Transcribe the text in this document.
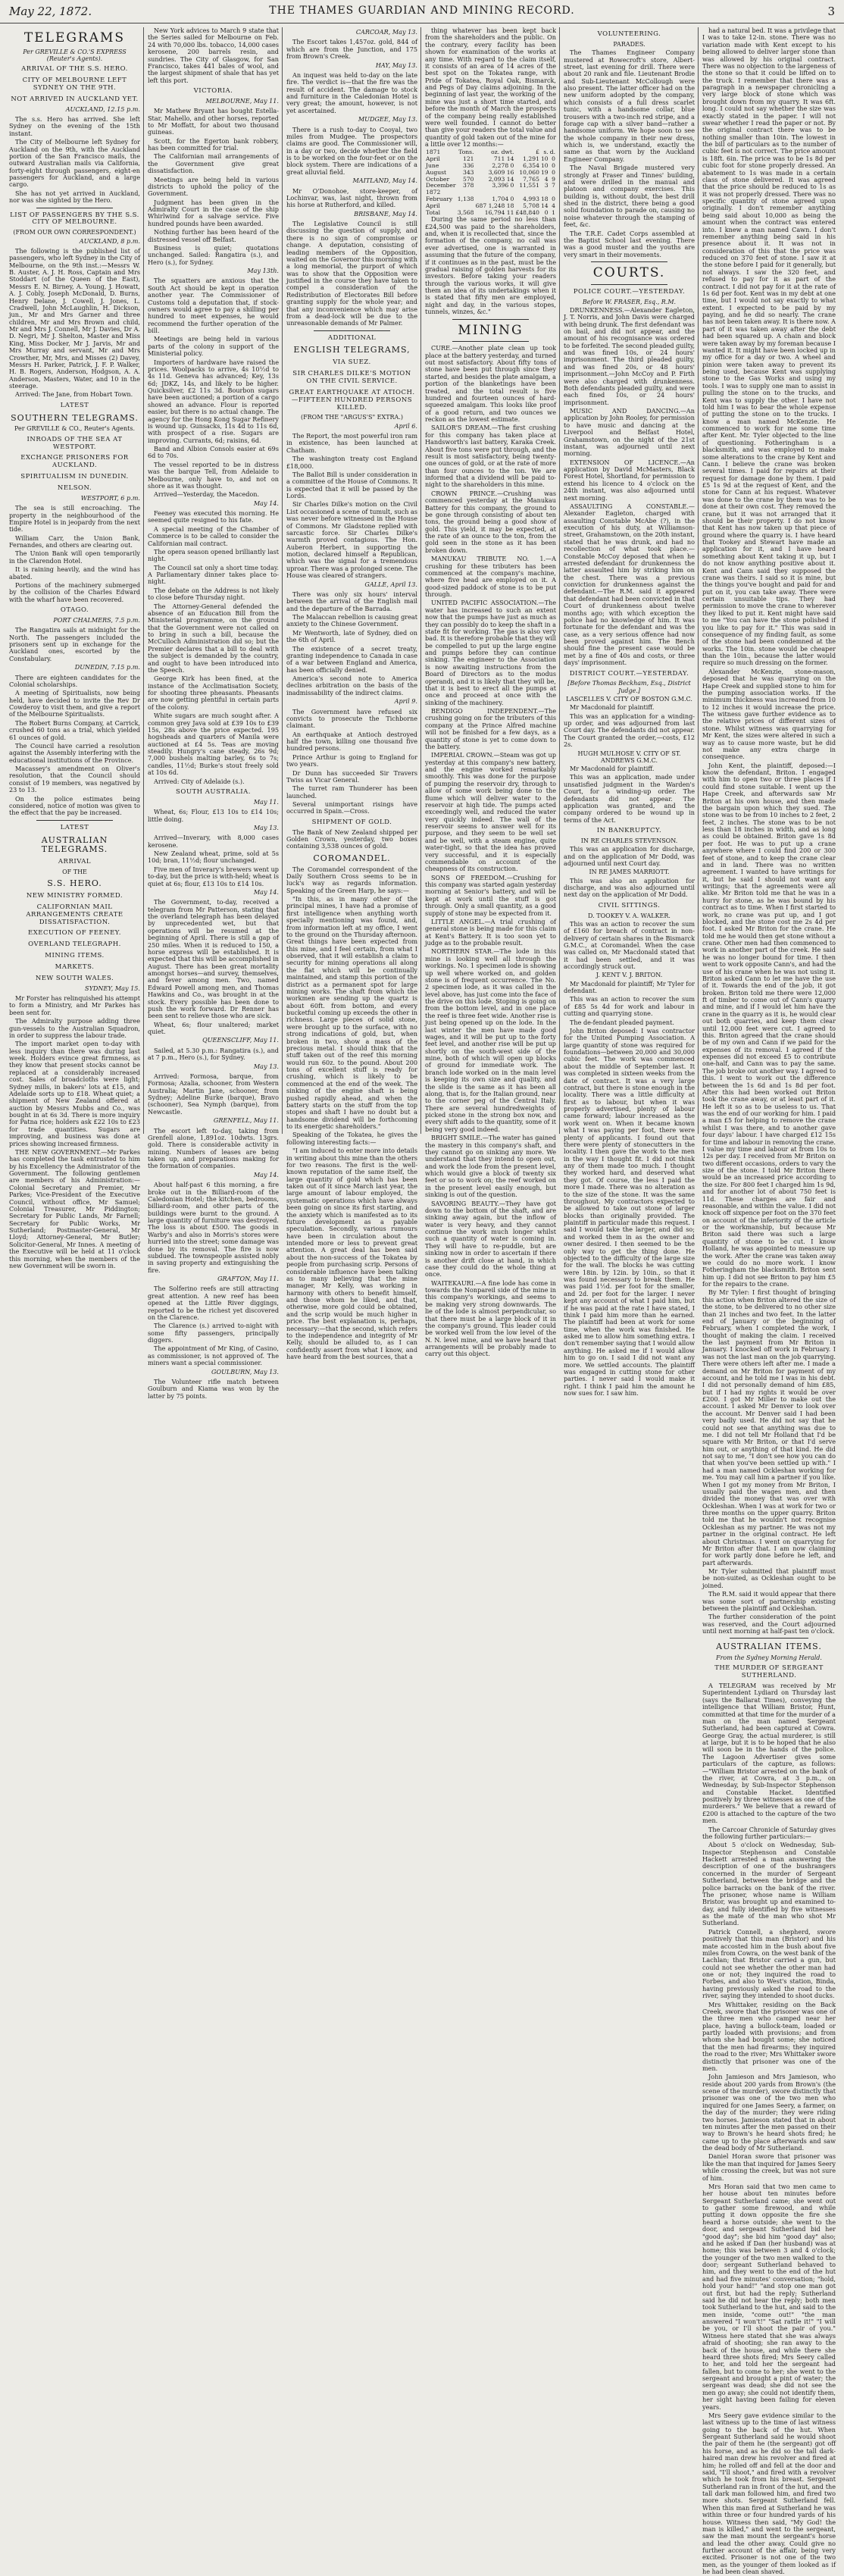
May 22, 1872.	THE THAMES GUARDIAN AND MINING RECORD.	3
TELEGRAMS
Per GREVILLE & CO.'S EXPRESS (Reuter's Agents).
ARRIVAL OF THE S.S. HERO.
CITY OF MELBOURNE LEFT SYDNEY ON THE 9TH.
NOT ARRIVED IN AUCKLAND YET.
AUCKLAND, 12.15 p.m.

The s.s. Hero has arrived. She left Sydney on the evening of the 15th instant.

The City of Melbourne left Sydney for Auckland on the 9th, with the Auckland portion of the San Francisco mails, the outward Australian mails via California, forty-eight through passengers, eight-en passengers for Auckland, and a large cargo.

She has not yet arrived in Auckland, nor was she sighted by the Hero.

LIST OF PASSENGERS BY THE S.S. CITY OF MELBOURNE.
(FROM OUR OWN CORRESPONDENT.)
AUCKLAND, 8 p.m.

The following is the published list of passengers, who left Sydney in the City of Melbourne, on the 9th inst.:—Messrs W. B. Auster, A. J. H. Ross, Captain and Mrs Stoddart (of the Queen of the East), Messrs E. N. Birney, A. Young, J. Howatt, A. J. Cobly, Joseph McDonald, D. Burns, Henry Delane, J. Cowell, J. Jones, L. Cradwell, John McLaughlin, H. Dickson, jun., Mr and Mrs Garner and three children, Mr and Mrs Brown and child, Mr and Mrs J. Connell, Mr J. Davies, Dr A. D. Negri, Mr J. Shelton, Master and Miss King, Miss Docker, Mr J. Jarvis, Mr and Mrs Murray and servant, Mr and Mrs Crowther, Mr, Mrs, and Misses (2) Davey, Messrs H. Parker, Patrick, J. F. P. Walker, H. B. Rogers, Anderson, Hodgson, A. A. Anderson, Masters, Water, and 10 in the steerage.

Arrived: The Jane, from Hobart Town.

LATEST
SOUTHERN TELEGRAMS.
Per GREVILLE & CO., Reuter's Agents.
INROADS OF THE SEA AT WESTPORT.
EXCHANGE PRISONERS FOR AUCKLAND.
SPIRITUALISM IN DUNEDIN.
NELSON.
WESTPORT, 6 p.m.

The sea is still encroaching. The property in the neighbourhood of the Empire Hotel is in jeopardy from the next tide.

William Carr, the Union Bank, Fernandes, and others are clearing out.

The Union Bank will open temporarily in the Clarendon Hotel.

It is raining heavily, and the wind has abated.

Portions of the machinery submerged by the collision of the Charles Edward with the wharf have been recovered.

OTAGO.
PORT CHALMERS, 7.5 p.m.

The Rangatira sails at midnight for the North. The passengers included the prisoners sent up in exchange for the Auckland ones, escorted by the Constabulary.

DUNEDIN, 7.15 p.m.

There are eighteen candidates for the Colonial scholarships.

A meeting of Spiritualists, now being held, have decided to invite the Rev Dr Cowderoy to visit them, and give a report of the Melbourne Spiritualists.

The Robert Burns Company, at Carrick, crushed 60 tons as a trial, which yielded 61 ounces of gold.

The Council have carried a resolution against the Assembly interfering with the educational institutions of the Province.

Macassey's amendment on Oliver's resolution, that the Council should consist of 19 members, was negatived by 23 to 13.

On the police estimates being considered, notice of motion was given to the effect that the pay be increased.

LATEST
AUSTRALIAN TELEGRAMS.
ARRIVAL
OF THE
S.S. HERO.
NEW MINISTRY FORMED.
CALIFORNIAN MAIL ARRANGEMENTS CREATE DISSATISFACTION.
EXECUTION OF FEENEY.
OVERLAND TELEGRAPH.
MINING ITEMS.
MARKETS.
NEW SOUTH WALES.
SYDNEY, May 15.

Mr Forster has relinquished his attempt to form a Ministry, and Mr Parkes has been sent for.

The Admiralty purpose adding three gun-vessels to the Australian Squadron, in order to suppress the labour trade.

The import market open to-day with less inquiry than there was during last week. Holders evince great firmness, as they know that present stocks cannot be replaced at a considerably increased cost. Sales of broadcloths were light; Sydney mills, in bakers' lots at £15, and Adelaide sorts up to £18. Wheat quiet; a shipment of New Zealand offered at auction by Messrs Mubbs and Co., was bought in at 6s 3d. There is more inquiry for Patna rice; holders ask £22 10s to £23 for trade quantities. Sugars are improving, and business was done at prices showing increased firmness.

THE NEW GOVERNMENT.—Mr Parkes has completed the task entrusted to him by his Excellency the Administrator of the Government. The following gentlemen are members of his Administration:—Colonial Secretary and Premier, Mr Parkes; Vice-President of the Executive Council, without office, Mr Samuel; Colonial Treasurer, Mr Piddington; Secretary for Public Lands, Mr Farnell; Secretary for Public Works, Mr Sutherland; Postmaster-General, Mr Lloyd; Attorney-General, Mr Butler; Solicitor-General, Mr Innes. A meeting of the Executive will be held at 11 o'clock this morning, when the members of the new Government will be sworn in.

New York advices to March 9 state that the Series sailed for Melbourne on Feb. 24 with 70,000 lbs. tobacco, 14,000 cases kerosene, 200 barrels resin, and sundries. The City of Glasgow, for San Francisco, takes 441 bales of wool, and the largest shipment of shale that has yet left this port.

VICTORIA.
MELBOURNE, May 11.

Mr Mathew Bryant has bought Estella-Star, Mahello, and other horses, reported to Mr Moffatt, for about two thousand guineas.

Scott, for the Egerton bank robbery, has been committed for trial.

The Californian mail arrangements of the Government give great dissatisfaction.

Meetings are being held in various districts to uphold the policy of the Government.

Judgment has been given in the Admiralty Court in the case of the ship Whirlwind for a salvage service. Five hundred pounds have been awarded.

Nothing further has been heard of the distressed vessel off Belfast.

Business is quiet; quotations unchanged. Sailed: Rangatira (s.), and Hero (s.), for Sydney.

May 13th.

The squatters are anxious that the South Act should be kept in operation another year. The Commissioner of Customs told a deputation that, if stock-owners would agree to pay a shilling per hundred to meet expenses, he would recommend the further operation of the bill.

Meetings are being held in various parts of the colony in support of the Ministerial policy.

Importers of hardware have raised the prices. Woolpacks to arrive, 4s 10½d to 4s 11d. Geneva has advanced; Key, 13s 6d; JDKZ, 14s, and likely to be higher. Quicksilver, £2 11s 3d. Bourbon sugars have been auctioned; a portion of a cargo showed an advance. Flour is reported easier, but there is no actual change. The agency for the Hong Kong Sugar Refinery is wound up. Gunsacks, 11s 4d to 11s 6d, with prospect of a rise. Sugars are improving. Currants, 6d; raisins, 6d.

Band and Albion Consols easier at 69s 6d to 70s.

The vessel reported to be in distress was the barque Tell, from Adelaide to Melbourne, only have to, and not on shore as it was thought.

Arrived—Yesterday, the Macedon.

May 14.

Feeney was executed this morning. He seemed quite resigned to his fate.

A special meeting of the Chamber of Commerce is to be called to consider the Californian mail contract.

The opera season opened brilliantly last night.

The Council sat only a short time today. A Parliamentary dinner takes place to-night.

The debate on the Address is not likely to close before Thursday night.

The Attorney-General defended the absence of an Education Bill from the Ministerial programme, on the ground that the Government were not called on to bring in such a bill, because the McCulloch Administration did so; but the Premier declares that a bill to deal with the subject is demanded by the country, and ought to have been introduced into the Speech.

George Kirk has been fined, at the instance of the Acclimatisation Society, for shooting three pheasants. Pheasants are now getting plentiful in certain parts of the colony.

White sugars are much sought after. A common grey Java sold at £39 10s to £39 15s, 28s above the price expected. 195 hogsheads and quarters of Manila were auctioned at £4 5s. Teas are moving steadily. Hungry's cane steady, 26s 9d; 7,000 bushels malting barley, 6s to 7s; candles, 11½d; Burke's stout freely sold at 10s 6d.

Arrived: City of Adelaide (s.).

SOUTH AUSTRALIA.
May 11.

Wheat, 6s; Flour, £13 10s to £14 10s; little doing.

May 13.

Arrived—Inverary, with 8,000 cases kerosene.

New Zealand wheat, prime, sold at 5s 10d; bran, 11½d; flour unchanged.

Five men of Inverary's brewers went up to-day, but the price is with-held; wheat is quiet at 6s; flour, £13 10s to £14 10s.

May 14.

The Government, to-day, received a telegram from Mr Patterson, stating that the overland telegraph has been delayed by unprecedented wet, but that operations will be resumed at the beginning of April. There is still a gap of 250 miles. When it is reduced to 150, a horse express will be established. It is expected that this will be accomplished in August. There has been great mortality amongst horses—and survey, themselves, and fever among men. Two, named Edward Powell among men, and Thomas Hawkins and Co., was brought in at the stock. Every possible has been done to push the work forward. Dr Renner has been sent to relieve those who are sick.

Wheat, 6s; flour unaltered; market quiet.

QUEENSCLIFF, May 11.

Sailed, at 5.30 p.m.: Rangatira (s.), and at 7 p.m., Hero (s.), for Sydney.

May 13.

Arrived: Formosa, barque, from Formosa; Azalia, schooner, from Western Australia; Martin Jane, schooner, from Sydney; Adeline Burke (barque), Bravo (schooner), Sea Nymph (barque), from Newcastle.

GRENFELL, May 11.

The escort left to-day, taking from Grenfell alone, 1,891oz. 10dwts. 13grs. gold. There is considerable activity in mining. Numbers of leases are being taken up, and preparations making for the formation of companies.

May 14.

About half-past 6 this morning, a fire broke out in the Billiard-room of the Caledonian Hotel; the kitchen, bedrooms, billiard-room, and other parts of the buildings were burnt to the ground. A large quantity of furniture was destroyed. The loss is about £500. The goods in Warby's and also in Morris's stores were hurried into the street; some damage was done by its removal. The fire is now subdued. The townspeople assisted nobly in saving property and extinguishing the fire.

GRAFTON, May 11.

The Solferino reefs are still attracting great attention. A new reef has been opened at the Little River diggings, reported to be the richest yet discovered on the Clarence.

The Clarence (s.) arrived to-night with some fifty passengers, principally diggers.

The appointment of Mr King, of Casino, as commissioner, is not approved of. The miners want a special commissioner.

GOULBURN, May 13.

The Volunteer rifle match between Goulburn and Kiama was won by the latter by 75 points.

CARCOAR, May 13.

The Escort takes 1,457oz. gold, 844 of which are from the Junction, and 175 from Brown's Creek.

HAY, May 13.

An inquest was held to-day on the late fire. The verdict is—that the fire was the result of accident. The damage to stock and furniture in the Caledonian Hotel is very great; the amount, however, is not yet ascertained.

MUDGEE, May 13.

There is a rush to-day to Cooyal, two miles from Mudgee. The prospectors claims are good. The Commissioner will, in a day or two, decide whether the field is to be worked on the four-feet or on the block system. There are indications of a great alluvial field.

MAITLAND, May 14.

Mr O'Donohoe, store-keeper, of Lochinvar, was, last night, thrown from his horse at Rutherford, and killed.

BRISBANE, May 14.

The Legislative Council is still discussing the question of supply, and there is no sign of compromise or change. A deputation, consisting of leading members of the Opposition, waited on the Governor this morning with a long memorial, the purport of which was to show that the Opposition were justified in the course they have taken to compel a consideration of the Redistribution of Electorates Bill before granting supply for the whole year; and that any inconvenience which may arise from a dead-lock will be due to the unreasonable demands of Mr Palmer.

ADDITIONAL
ENGLISH TELEGRAMS,
VIA SUEZ.
SIR CHARLES DILKE'S MOTION ON THE CIVIL SERVICE.
GREAT EARTHQUAKE AT ATIOCH. —FIFTEEN HUNDRED PERSONS KILLED.
(FROM THE "ARGUS'S" EXTRA.)
April 6.

The Report, the most powerful iron ram in existence, has been launched at Chatham.

The washington treaty cost England £18,000.

The Ballot Bill is under consideration in a committee of the House of Commons. It is expected that it will be passed by the Lords.

Sir Charles Dilke's motion on the Civil List occasioned a scene of tumult, such as was never before witnessed in the House of Commons. Mr Gladstone replied with sarcastic force. Sir Charles Dilke's warmth proved contagious. The Hon. Auberon Herbert, in supporting the motion, declared himself a Republican, which was the signal for a tremendous uproar. There was a prolonged scene. The House was cleared of strangers.

GALLE, April 13.

There was only six hours' interval between the arrival of the English mail and the departure of the Barrada.

The Malaccan rebellion is causing great anxiety to the Chinese Government.

Mr Wentworth, late of Sydney, died on the 6th of April.

The existence of a secret treaty, granting independence to Canada in case of a war between England and America, has been officially denied.

America's second note to America declines arbitration on the basis of the inadmissability of the indirect claims.

April 9.

The Government have refused six convicts to prosecute the Tichborne claimant.

An earthquake at Antioch destroyed half the town, killing one thousand five hundred persons.

Prince Arthur is going to England for two years.

Dr Dunn has succeeded Sir Travers Twiss as Vicar General.

The turret ram Thunderer has been launched.

Several unimportant risings have occurred in Spain.—Cross.

SHIPMENT OF GOLD.

The Bank of New Zealand shipped per Golden Crown, yesterday, two boxes containing 3,538 ounces of gold.

COROMANDEL.

The Coromandel correspondent of the Daily Southern Cross seems to be in luck's way as regards information. Speaking of the Green Harp, he says:—

"In this, as in many other of the principal mines, I have had a promise of first intelligence when anything worth specially mentioning was found, and, from information left at my office, I went to the ground on the Thursday afternoon. Great things have been expected from this mine, and I feel certain, from what I observed, that it will establish a claim to security for mining operations all along the flat which will be continually maintained, and stamp this portion of the district as a permanent spot for large mining works. The shaft from which the workmen are sending up the quartz is about 60ft. from bottom, and every bucketful coming up exceeds the other in richness. Large pieces of solid stone, were brought up to the surface, with no strong indications of gold, but, when broken in two, show a mass of the precious metal. I should think that the stuff taken out of the reef this morning would run 60z. to the pound. About 200 tons of excellent stuff is ready for crushing, which is likely to be commenced at the end of the week. The sinking of the engine shaft is being pushed rapidly ahead, and when the battery starts on the stuff from the top stopes and shaft I have no doubt but a handsome dividend will be forthcoming to its energetic shareholders."

Speaking of the Tokatea, he gives the following interesting facts:—

"I am induced to enter more into details in writing about this mine than the others for two reasons. The first is the well-known reputation of the same itself, the large quantity of gold which has been taken out of it since March last year, the large amount of labour employed, the systematic operations which have always been going on since its first starting, and the anxiety which is manifested as to its future development as a payable speculation. Secondly, various rumours have been in circulation about the intended more or less to prevent great attention. A great deal has been said about the non-success of the Tokatea by people from purchasing scrip. Persons of considerable influence have been talking as to many believing that the mine manager, Mr Kelly, was working in harmony with others to benefit himself, and those whom he liked, and that, otherwise, more gold could be obtained, and the scrip would be much higher in price. The best explanation is, perhaps, necessary:—that the second, which refers to the independence and integrity of Mr Kelly, should be alluded to, as I can confidently assert from what I know, and have heard from the best sources, that a

thing whatever has been kept back from the shareholders and the public. On the contrary, every facility has been shown for examination of the works at any time. With regard to the claim itself, it consists of an area of 14 acres of the best spot on the Tokatea range, with Pride of Tokatea, Royal Oak, Bismarck, and Pegs of Day claims adjoining. In the beginning of last year, the working of the mine was just a short time started, and before the month of March the prospects of the company being really established were well founded. I cannot do better than give your readers the total value and quantity of gold taken out of the mine for a little over 12 months:—

1871	Tons.	oz. dwt.	£	s.	d.
April	121	711 14	1,291	10	0
June	336	2,278 0	6,354	10	0
August	343	3,609 16	10,060	19	0
October	570	2,093 14	7,765	4	9
December	378	3,396 0	11,551	3	7
1872					
February	1,138	1,704 0	4,993	18	0
April		687 1,248 18	5,708	14	4
Total	3,568	16,794 11	£48,840	0	1

During the same period no less than £24,500 was paid to the shareholders, and, when it is recollected that, since the formation of the company, no call was ever advertised, one is warranted in assuming that the future of the company, if it continues as in the past, must be the gradual raising of golden harvests for its investors. Before taking your readers through the various works, it will give them an idea of its undertakings when it is stated that fifty men are employed, night and day, in the various stopes, tunnels, winzes, &c."

MINING

CURE.—Another plate clean up took place at the battery yesterday, and turned out most satisfactory. About fifty tons of stone have been put through since they started, and besides the plate amalgam, a portion of the blanketings have been treated, and the total result is five hundred and fourteen ounces of hard-squeezed amalgam. This looks like proof of a good return, and two ounces we reckon as the lowest estimate.

SAILOR'S DREAM.—The first crushing for this company has taken place at Handsworth's last battery, Karaka Creek. About five tons were put through, and the result is most satisfactory, being twenty-one ounces of gold, or at the rate of more than four ounces to the ton. We are informed that a dividend will be paid to-night to the shareholders in this mine.

CROWN PRINCE.—Crushing was commenced yesterday at the Manukau Battery for this company, the ground to be gone through consisting of about ten tons, the ground being a good show of gold. This yield, it may be expected, at the rate of an ounce to the ton, from the gold seen in the stone as it has been broken down.

MANUKAU TRIBUTE NO. 1.—A crushing for these tributers has been commenced at the company's machine, where five head are employed on it. A good-sized paddock of stone is to be put through.

UNITED PACIFIC ASSOCIATION.—The water has increased to such an extent now that the pumps have just as much as they can possibly do to keep the shaft in a state fit for working. The gas is also very bad. It is therefore probable that they will be compelled to put up the large engine and pumps before they can continue sinking. The engineer to the Association is now awaiting instructions from the Board of Directors as to the modus operandi, and it is likely that they will be, that it is best to erect all the pumps at once and proceed at once with the sinking of the machinery.

BENDIGO INDEPENDENT.—The crushing going on for the tributers of this company at the Prince Alfred machine will not be finished for a few days, as a quantity of stone is yet to come down to the battery.

IMPERIAL CROWN.—Steam was got up yesterday at this company's new battery, and the engine worked remarkably smoothly. This was done for the purpose of pumping the reservoir dry, through to allow of some work being done to the flume which will deliver water to the reservoir at high tide. The pumps acted exceedingly well, and reduced the water very quickly indeed. The wall of the reservoir seems to answer well for its purpose, and they seem to be well set and be well, with a steam engine, quite water-tight, so that the idea has proved very successful, and it is especially commendable on account of the cheapness of its construction.

SONS OF FREEDOM.—Crushing for this company was started again yesterday morning at Senior's battery, and will be kept at work until the stuff is got through. Only a small quantity, as a good supply of stone may be expected from it.

LITTLE ANGEL.—A trial crushing of general stone is being made for this claim at Kent's Battery. It is too soon yet to judge as to the probable result.

NORTHERN STAR.—The lode in this mine is looking well all through the workings. No. 1 specimen lode is showing up well where worked on, and golden stone is of frequent occurrence. The No. 2 specimen lode, as it was called in the level above, has just come into the face of the drive on this lode. Stoping is going on from the bottom level, and in one place the reef is three feet wide. Another rise is just being opened up on the lode. In the last winter the men have made good wages, and it will be put up to the forty feet level, and another rise will be put up shortly on the south-west side of the mine, both of which will open up blocks of ground for immediate work. The branch lode worked on in the main level is keeping its own size and quality, and the slide is the same as it has been all along, that is, for the Italian ground, near to the corner peg of the Central Italy. There are several hundredweights of picked stone in the strong box now, and every shift adds to the quantity, some of it being very good indeed.

BRIGHT SMILE.—The water has gained the mastery in this company's shaft, and they cannot go on sinking any more. We understand that they intend to open out, and work the lode from the present level, which would give a block of twenty six feet or so to work on; the reef worked on in the present level easily enough, but sinking is out of the question.

SAVORING BEAUTY.—They have got down to the bottom of the shaft, and are sinking away again, but the inflow of water is very heavy, and they cannot continue the work much longer whilst such a quantity of water is coming in. They will have to re-puddle, but are sinking now in order to ascertain if there is another drift close at hand, in which case they could do the whole thing at once.

WAITEKAURI.—A fine lode has come in towards the Nonpareil side of the mine in this company's workings, and seems to be making very strong downwards. The lie of the lode is almost perpendicular, so that there must be a large block of it in the company's ground. This leader could be worked well from the low level of the N. N. level mine, and we have heard that arrangements will be probably made to carry out this object.

VOLUNTEERING.
PARADES.

The Thames Engineer Company mustered at Rowecroft's store, Albert-street, last evening for drill. There were about 20 rank and file. Lieutenant Brodie and Sub-Lieutenant McCollough were also present. The latter officer had on the new uniform adopted by the company, which consists of a full dress scarlet tunic, with a handsome collar, blue trousers with a two-inch red stripe, and a forage cap with a silver band—rather a handsome uniform. We hope soon to see the whole company in their new dress, which is, we understand, exactly the same as that worn by the Auckland Engineer Company.

The Naval Brigade mustered very strongly at Fraser and Tinnes' building, and were drilled in the manual and platoon and company exercises. This building is, without doubt, the best drill shed in the district, there being a good solid foundation to parade on, causing no noise whatever through the stamping of feet, &c.

The T.R.E. Cadet Corps assembled at the Baptist School last evening. There was a good muster and the youths are very smart in their movements.

COURTS.
POLICE COURT.—YESTERDAY.
Before W. FRASER, Esq., R.M.

DRUNKENNESS.—Alexander Eagleton, J. T. Norris, and John Davis were charged with being drunk. The first defendant was on bail, and did not appear, and the amount of his recognisance was ordered to be forfeited. The second pleaded guilty, and was fined 10s, or 24 hours' imprisonment. The third pleaded guilty, and was fined 20s, or 48 hours' imprisonment.—John McCoy and P. Firth were also charged with drunkenness. Both defendants pleaded guilty, and were each fined 10s, or 24 hours' imprisonment.

MUSIC AND DANCING.—An application by John Rooley, for permission to have music and dancing at the Liverpool and Belfast Hotel, Grahamstown, on the night of the 21st instant, was adjourned until next morning.

EXTENSION OF LICENCE.—An application by David McMasters, Black Forest Hotel, Shortland, for permission to extend his licence to 4 o'clock on the 24th instant, was also adjourned until next morning.

ASSAULTING A CONSTABLE.—Alexander Eagleton, charged with assaulting Constable McAbe (?), in the execution of his duty, at Williamson-street, Grahamstown, on the 20th instant, stated that he was drunk, and had no recollection of what took place.—Constable McCoy deposed that when he arrested defendant for drunkenness the latter assaulted him by striking him on the chest. There was a previous conviction for drunkenness against the defendant.—The R.M. said it appeared that defendant had been convicted in that Court of drunkenness about twelve months ago; with which exception the police had no knowledge of him. It was fortunate for the defendant and was the case, as a very serious offence had now been proved against him. The Bench should fine the present case would be met by a fine of 40s and costs, or three days' imprisonment.

DISTRICT COURT.—YESTERDAY.
[Before Thomas Beckham, Esq., District Judge.]
LASCELLES V. CITY OF BOSTON G.M.C.

Mr Macdonald for plaintiff.

This was an application for a winding-up order, and was adjourned from last Court day. The defendants did not appear. The Court granted the order,—costs, £12 2s.

HUGH MULHOSE V. CITY OF ST. ANDREWS G.M.C.

Mr Macdonald for plaintiff.

This was an application, made under unsatisfied judgment in the Warden's Court, for a winding-up order. The defendants did not appear. The application was granted, and the company ordered to be wound up in terms of the Act.

IN BANKRUPTCY.
IN RE CHARLES STEVENSON.

This was an application for discharge, and on the application of Mr Dodd, was adjourned until next Court day.

IN RE JAMES MARRIOTT.

This was also an application for discharge, and was also adjourned until next day on the application of Mr Dodd.

CIVIL SITTINGS.
D. TOOKEY V. A. WALKER.

This was an action to recover the sum of £160 for breach of contract in non-delivery of certain shares in the Bismarck G.M.C., at Coromandel. When the case was called on, Mr Macdonald stated that it had been settled, and it was accordingly struck out.

J. KENT V. J. BRITON.

Mr Macdonald for plaintiff; Mr Tyler for defendant.

This was an action to recover the sum of £85 5s 4d for work and labour in cutting and quarrying stone.

The de-fendant pleaded payment.

John Briton deposed: I was contractor for the United Pumping Association. A large quantity of stone was required for foundations—between 20,000 and 30,000 cubic feet. The work was commenced about the middle of September last. It was completed in sixteen weeks from the date of contract. It was a very large contract, but there is stone enough in the locality. There was a little difficulty at first as to labour, but when it was properly advertised, plenty of labour came forward; labour increased as the work went on. When it became known what I was paying per foot, there were plenty of applicants. I found out that there were plenty of stonecutters in the locality. I then gave the work to the men in the way I thought fit. I did not think any of them made too much. I thought they worked hard, and deserved what they got. Of course, the less I paid the more I made. There was no alteration as to the size of the stone. It was the same throughout. My contractors expected to be allowed to take out stone of larger blocks than originally provided. The plaintiff in particular made this request. I said I would take the larger, and did so; and worked them in as the owner and owner desired. I then seemed to be the only way to get the thing done. He objected to the difficulty of the large size for the wall. The blocks he was cutting were 18in. by 12in. by 10in., so that it was found necessary to break them. He was paid 1½d. per foot for the smaller, and 2d. per foot for the larger. I never kept any account of what I paid him, but if he was paid at the rate I have stated, I think I paid him more than he earned. The plaintiff had been at work for some time, when the work was finished. He asked me to allow him something extra. I don't remember saying that I would allow anything. He asked me if I would allow him to go on. I said I did not want any more. We settled accounts. The plaintiff was engaged in cutting stone for other parties. I never said I would make it right. I think I paid him the amount he now sues for. I saw him.

had a natural bed. It was a privilege that I was to take 12-in. stone. There was no variation made with Kent except to his being allowed to deliver larger stone than was allowed by his original contract. There was no objection to the largeness of the stone so that it could be lifted on to the truck. I remember that there was a paragraph in a newspaper chronicling a very large block of stone which was brought down from my quarry. It was 6ft. long. I could not say whether the size was exactly stated in the paper. I will not swear whether I read the paper or not. By the original contract there was to be nothing smaller than 10in. The lowest in the bill of particulars as to the number of cubic feet is not correct. The price amount is 18ft. 6in. The price was to be 1s 8d per cubic foot for stone properly dressed. An abatement to 1s was made in a certain class of stone delivered. It was agreed that the price should be reduced to 1s as it was not properly dressed. There was no specific quantity of stone agreed upon originally. I don't remember anything being said about 10,000 as being the amount when the contract was entered into. I knew a man named Cawn. I don't remember anything being said in his presence about it. It was not in consideration of this that the price was reduced on 370 feet of stone. I saw it at the stone before I paid for it generally, but not always. I saw the 320 feet, and refused to pay for it as part of the contract. I did not pay for it at the rate of 1s 6d per foot. Kent was in my debt at one time, but I would not say exactly to what extent. I expected to be paid by my paying, and he did so nearly. The crane has not been taken away. It is there now. A part of it was taken away after the debt had been squared up. A chain and block were taken away by my foreman because I wanted it. It might have been locked up in my office for a day or two. A wheel and pinion were taken away to prevent its being used, because Kent was supplying stone to the Gas Works and using my tools. I was to supply one man to assist in pulling the stone on to the trucks, and Kent was to supply the other. I have not told him I was to bear the whole expense of putting the stone on to the trucks. I know a man named McKenzie. He commenced to work for me some time after Kent. Mr. Tyler objected to the line of questioning. Fotheringham is a blacksmith, and was employed to make some alterations to the crane by Kent and Cann. I believe the crane was broken several times. I paid for repairs at their request for damage done by them. I paid £5 1s 9d at the request of Kent, and the stone for Cann at his request. Whatever was done to the crane by them was to be done at their own cost. They removed the crane, but it was not arranged that it should be their property. I do not know that Kent has now taken up that piece of ground where the quarry is. I have heard that Tookey and Stewart have made an application for it, and I have heard something about Kent taking it up, but I do not know anything positive about it. Kent and Cann said they supposed the crane was theirs. I said so it is mine, but the things you've bought and paid for and put on it, you can take away. There were certain unsuitable tips. They had permission to move the crane to wherever they liked to put it. Kent might have said to me "You can have the stone polished if you like to pay for it." This was said in consequence of my finding fault, as some of the stone had been condemned at the works. The 10in. stone would be cheaper than the 10in., because the latter would require so much dressing on the former.

Alexander McKenzie, stone-mason, deposed that he was quarrying on the Hape Creek and supplied stone to him for the pumping association works. If the minimum thickness was increased from 10 to 12 inches it would increase the price. The witness gave further evidence as to the relative prices of different sizes of stone. Whilst witness was quarrying for Mr Kent, the sizes were altered in such a way as to cause more waste, but he did not make any extra charge in consequence.

John Kent, the plaintiff, deposed:—I know the defendant, Briton. I engaged with him to open two or three places if I could find stone suitable. I went up the Hape Creek, and afterwards saw Mr Briton at his own house, and then made the bargain upon which they sued. The stone was to be from 10 inches to 2 feet, 2 feet, 2 inches. The stone was to be not less than 18 inches in width, and as long as could be obtained. Briton gave 1s 8d per foot. He was to put up a crane anywhere where I could find 200 or 300 feet of stone, and to keep the crane clear and in land. There was no written agreement. I wanted to have writings for it, but he said I should not want any writings; that the agreements were all alike. Mr Briton told me that he was in a hurry for stone, as he was bound by his contract as to time. When I first started to work, no crane was put up, and I got blocked, and the stone cost me 2s 4d per foot. I asked Mr Briton for the crane. He told me he would then get stone without a crane. Other men had then commenced to work in another part of the creek. He said he was no longer bound for time. I then went to work opposite Cann's, and had the use of his crane when he was not using it. Briton asked Cann to let me have the use of it. Towards the end of the job, it got broken. Briton told me there were 12,000 ft of timber to come out of Cann's quarry and mine, and if I would let him have the crane in the quarry as it is, he would clear out both quarries, and keep them clear until 12,000 feet were cut. I agreed to this. Briton agreed that the crane should be of my own and Cann if we paid for the expenses of its removal. I agreed if the expenses did not exceed £5 to contribute one-half, and Cann was to pay the same. The job broke out another way. I agreed to this. I went to work out the difference between the 1s 6d and 1s 8d per foot. After this had been worked out Briton took the crane away, or at least part of it. He left it so as to be useless to us. That was the end of our working for him. I paid a man £5 for helping to remove the crane whilst I was there, and to another gave four days' labour. I have charged £12 15s for time and labour in removing the crane. I value my time and labour at from 10s to 12s per day. I received from Mr Briton on two different occasions, orders to vary the size of the stone. I told Mr Briton there would be an increased price according to the size. For 800 feet I charged him 1s 9d, and for another lot of about 750 feet is 11d. These charges are fair and reasonable, and within the value. I did not knock off sixpence per foot on the 370 feet on account of the inferiority of the article or the workmanship, but because Mr Briton said there was such a large quantity of stone to be cut. I know Holland, he was appointed to measure up the work. After the crane was taken away we could do no more work. I know Fotheringham the blacksmith. Briton sent him up. I did not see Briton to pay him £5 for the repairs to the crane.

By Mr Tyler: I first thought of bringing this action when Briton altered the size of the stone, to be delivered to no other size than 21 inches and two feet. In the latter end of January or the beginning of February, when I completed the work, I thought of making the claim. I received the last payment from Mr Briton in January. I knocked off work in February. I was not the last man on the job quarrying. There were others left after me. I made a demand on Mr Briton for payment of my account, and he told me I was in his debt. I did not personally demand of him £85, but if I had my rights it would be over £200. I got Mr Miller to make out the account. I asked Mr Denver to look over the account. Mr Denver said I had been very badly used. He did not say that he could not see that anything was due to me. I did not tell Mr Holland that I'd be square with Mr Briton, or that I'd serve him out, or anything of that kind. He did not say to me, "I don't see how you can do that when you've been settled up with." I had a man named Ockleshan working for me. You may call him a partner if you like. When I got my money from Mr Briton, I usually paid the wages men, and then divided the money that was over with Ockleshan. When I was at work for two or three months on the upper quarry. Briton told me that he wouldn't not recognise Ockleshan as my partner. He was not my partner in the original contract. He left about Christmas. I went on quarrying for Mr Briton after that. I am now claiming for work partly done before he left, and part afterwards.

Mr Tyler submitted that plaintiff must be non-suited, as Ockleshan ought to be joined.

The R.M. said it would appear that there was some sort of partnership existing between the plaintiff and Ockleshan.

The further consideration of the point was reserved, and the Court adjourned until next morning at half-past ten o'clock.

AUSTRALIAN ITEMS.
From the Sydney Morning Herald.
THE MURDER OF SERGEANT SUTHERLAND.

A TELEGRAM was received by Mr Superintendent Lydiard on Thursday last (says the Ballarat Times), conveying the intelligence that William Bristor, Hunt, committed at that time for the murder of a man on the man named Sergeant Sutherland, had been captured at Cowra. George Gray, the actual murderer, is still at large, but it is to be hoped that he also will soon be in the hands of the police. The Lagoon Advertiser gives some particulars of the capture, as follows:—"William Bristor arrested on the bank of the river, at Cowra, at 3 p.m., on Wednesday, by Sub-Inspector Stephenson and Constable Hacket. Identified positively by three witnesses as one of the murderers." We believe that a reward of £200 is attached to the capture of the two men.

The Carcoar Chronicle of Saturday gives the following further particulars:—

About 5 o'clock on Wednesday, Sub-Inspector Stephenson and Constable Hackett arrested a man answering the description of one of the bushrangers concerned in the murder of Sergeant Sutherland, between the bridge and the police barracks on the bank of the river. The prisoner, whose name is William Bristor, was brought up and examined to-day, and fully identified by five witnesses as the mate of the man who shot Mr Sutherland.

Patrick Connell, a shepherd, swore positively that this man (Bristor) and his mate accosted him in the bush about five miles from Cowra, on the west bank of the Lachlan; that Bristor carried a gun, but could not see whether the other man had one or not; they inquired the road to Forbes, and also to West's station, Binda, having previously asked the road to the river, saying they intended to shoot ducks.

Mrs Whittaker, residing on the Back Creek, swore that the prisoner was one of the three men who camped near her place, having a bullock-team, loaded or partly loaded with provisions; and from whom she had bought some; she noticed that the men had firearms; they inquired the road to the river; Mrs Whittaker swore distinctly that prisoner was one of the men.

John Jamieson and Mrs Jamieson, who reside about 200 yards from Brown's (the scene of the murder), swore distinctly that prisoner was one of the two men who inquired for one James Seery, a farmer, on the day of the murder; they were riding two horses. Jamieson stated that in about ten minutes after the men passed on their way to Brown's he heard shots fired; he came up to the place afterwards and saw the dead body of Mr Sutherland.

Daniel Horan swore that prisoner was like the man that inquired for James Seery while crossing the creek, but was not sure of him.

Mrs Horan said that two men came to her house about ten minutes before Sergeant Sutherland came; she went out to gather some firewood, and while putting it down opposite the fire she heard a horse outside; she went to the door, and sergeant Sutherland bid her "good day"; she bid him "good day" also; and he asked if Dan (her husband) was at home; this was between 3 and 4 o'clock; the younger of the two men walked to the door; sergeant Sutherland behaved to him, and they went to the end of the hut and had five minutes' conversation; "hold, hold your hand!" "and stop one man got out first, but had the reply; Sutherland said he did not hear the reply; both men took Sutherland to the hut, and said to the men inside, "come out!" "the man answered "I won't!" "Sat rattle it!" "I will be you, or I'll shoot the pair of you." Witness here stated that she was always afraid of shooting; she ran away to the back of the house, and while there she heard three shots fired; Mrs Seery called to her, and told her the sergeant had fallen, but to come to her; she went to the sergeant and brought a pint of water; the sergeant was dead; she did not see the men go away; she could not identify them, her sight having been failing for eleven years.

Mrs Seery gave evidence similar to the last witness up to the time of last witness going to the back of the hut. When Sergeant Sutherland said he would shoot the pair of them he (the sergeant) got off his horse, and as he did so the tall dark-haired man drew his revolver and fired at him; he rolled off and fell at the door and said, "I'll shoot," and fired with a revolver which he took from his breast. Sergeant Sutherland ran in front of the hut, and the tall dark man followed him, and fired two more shots. Sergeant Sutherland fell. When this man fired at Sutherland he was within three or four hundred yards of his house. Witness then said, "My God! the man is killed," and went to the sergeant, saw the man mount the sergeant's horse and lead the other away. Could give no further account of the affair, being very excited. Prisoner is not one of the two men, as the younger of them looked as if he had been clean shaved.
